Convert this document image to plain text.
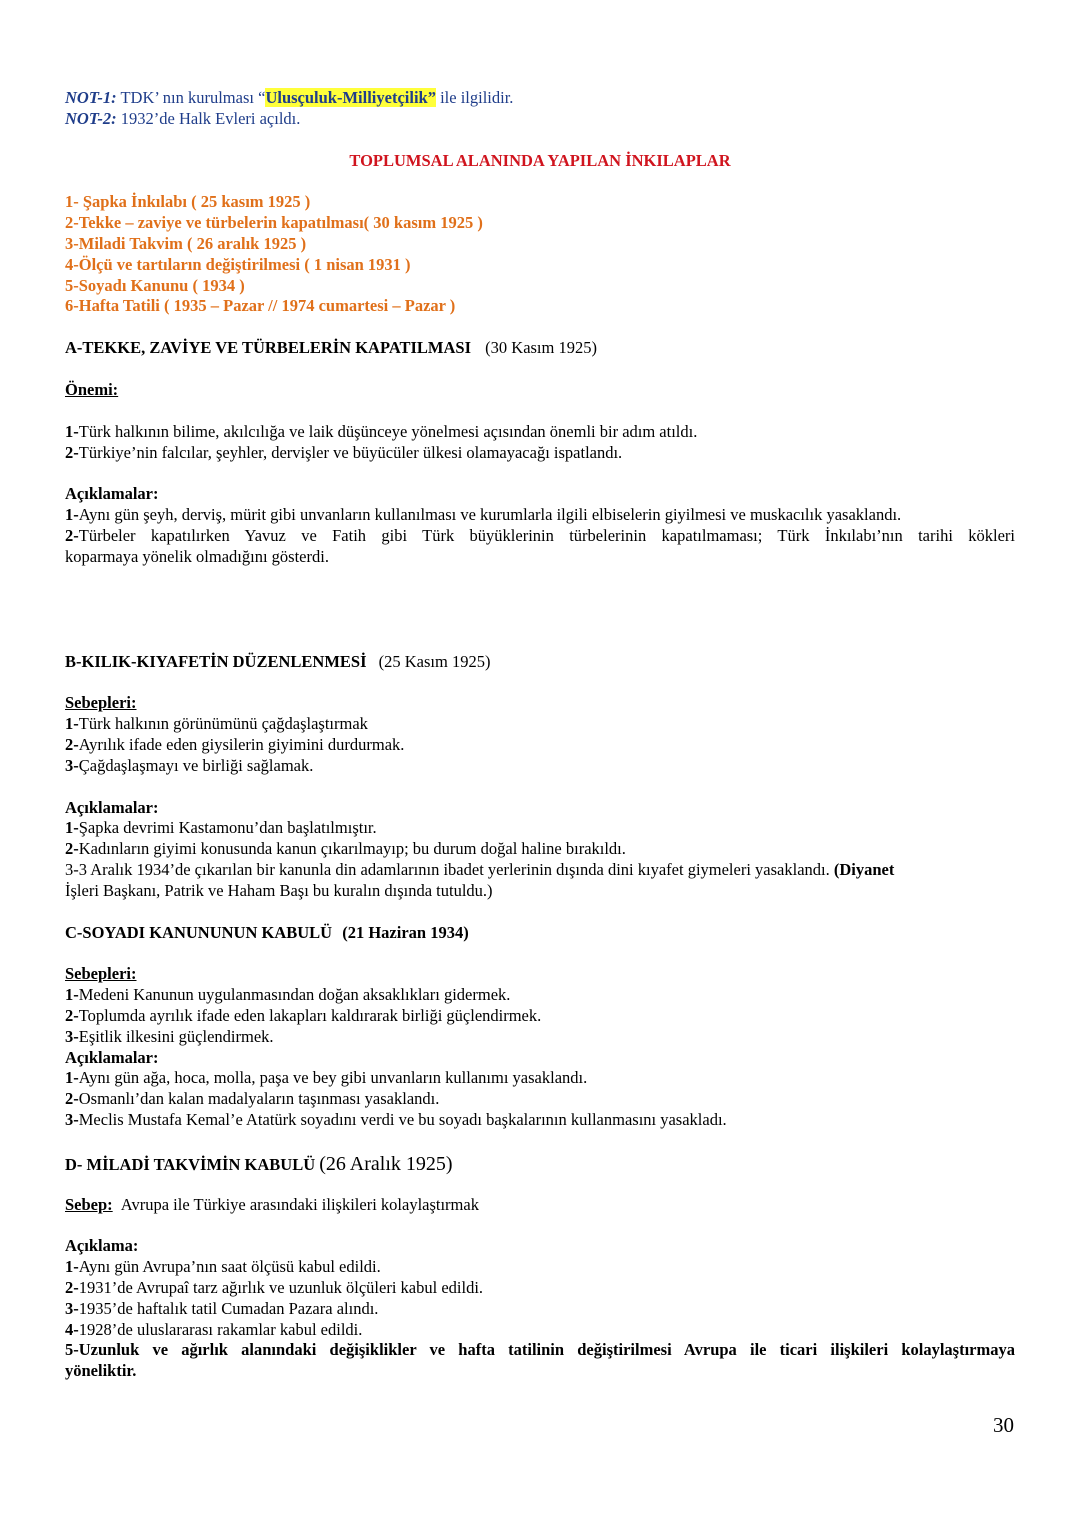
NOT-1: TDK’ nın kurulması “Ulusçuluk-Milliyetçilik” ile ilgilidir.
NOT-2: 1932’de Halk Evleri açıldı.
TOPLUMSAL ALANINDA YAPILAN İNKILAPLAR
1- Şapka İnkılabı ( 25 kasım 1925 )
2-Tekke – zaviye ve türbelerin kapatılması( 30 kasım 1925 )
3-Miladi Takvim ( 26 aralık 1925 )
4-Ölçü ve tartıların değiştirilmesi ( 1 nisan 1931 )
5-Soyadı Kanunu ( 1934 )
6-Hafta Tatili ( 1935 – Pazar // 1974 cumartesi – Pazar )
A-TEKKE, ZAVİYE VE TÜRBELERİN KAPATILMASI (30 Kasım 1925)
Önemi:
1-Türk halkının bilime, akılcılığa ve laik düşünceye yönelmesi açısından önemli bir adım atıldı.
2-Türkiye’nin falcılar, şeyhler, dervişler ve büyücüler ülkesi olamayacağı ispatlandı.
Açıklamalar:
1-Aynı gün şeyh, derviş, mürit gibi unvanların kullanılması ve kurumlarla ilgili elbiselerin giyilmesi ve muskacılık yasaklandı.
2-Türbeler kapatılırken Yavuz ve Fatih gibi Türk büyüklerinin türbelerinin kapatılmaması; Türk İnkılabı’nın tarihi kökleri
koparmaya yönelik olmadığını gösterdi.
B-KILIK-KIYAFETİN DÜZENLENMESİ (25 Kasım 1925)
Sebepleri:
1-Türk halkının görünümünü çağdaşlaştırmak
2-Ayrılık ifade eden giysilerin giyimini durdurmak.
3-Çağdaşlaşmayı ve birliği sağlamak.
Açıklamalar:
1-Şapka devrimi Kastamonu’dan başlatılmıştır.
2-Kadınların giyimi konusunda kanun çıkarılmayıp; bu durum doğal haline bırakıldı.
3-3 Aralık 1934’de çıkarılan bir kanunla din adamlarının ibadet yerlerinin dışında dini kıyafet giymeleri yasaklandı. (Diyanet
İşleri Başkanı, Patrik ve Haham Başı bu kuralın dışında tutuldu.)
C-SOYADI KANUNUNUN KABULÜ (21 Haziran 1934)
Sebepleri:
1-Medeni Kanunun uygulanmasından doğan aksaklıkları gidermek.
2-Toplumda ayrılık ifade eden lakapları kaldırarak birliği güçlendirmek.
3-Eşitlik ilkesini güçlendirmek.
Açıklamalar:
1-Aynı gün ağa, hoca, molla, paşa ve bey gibi unvanların kullanımı yasaklandı.
2-Osmanlı’dan kalan madalyaların taşınması yasaklandı.
3-Meclis Mustafa Kemal’e Atatürk soyadını verdi ve bu soyadı başkalarının kullanmasını yasakladı.
D- MİLADİ TAKVİMİN KABULÜ (26 Aralık 1925)
Sebep: Avrupa ile Türkiye arasındaki ilişkileri kolaylaştırmak
Açıklama:
1-Aynı gün Avrupa’nın saat ölçüsü kabul edildi.
2-1931’de Avrupaî tarz ağırlık ve uzunluk ölçüleri kabul edildi.
3-1935’de haftalık tatil Cumadan Pazara alındı.
4-1928’de uluslararası rakamlar kabul edildi.
5-Uzunluk ve ağırlık alanındaki değişiklikler ve hafta tatilinin değiştirilmesi Avrupa ile ticari ilişkileri kolaylaştırmaya
yöneliktir.
30
